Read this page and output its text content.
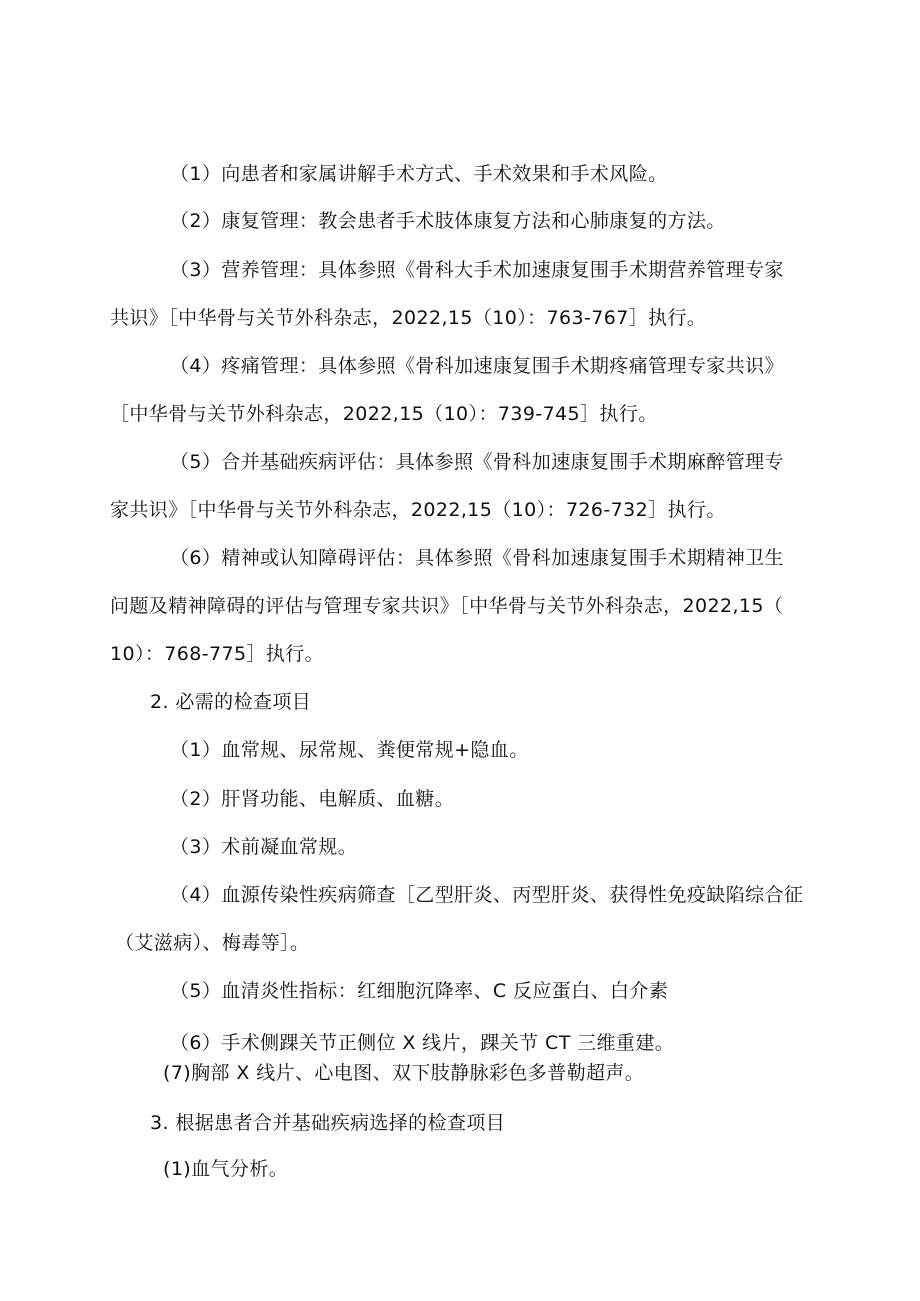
（1）向患者和家属讲解手术方式、手术效果和手术风险。
（2）康复管理：教会患者手术肢体康复方法和心肺康复的方法。
（3）营养管理：具体参照《骨科大手术加速康复围手术期营养管理专家
共识》［中华骨与关节外科杂志，2022,15（10）：763-767］执行。
（4）疼痛管理：具体参照《骨科加速康复围手术期疼痛管理专家共识》
［中华骨与关节外科杂志，2022,15（10）：739-745］执行。
（5）合并基础疾病评估：具体参照《骨科加速康复围手术期麻醉管理专
家共识》［中华骨与关节外科杂志，2022,15（10）：726-732］执行。
（6）精神或认知障碍评估：具体参照《骨科加速康复围手术期精神卫生
问题及精神障碍的评估与管理专家共识》［中华骨与关节外科杂志，2022,15（
10）：768-775］执行。
2. 必需的检查项目
（1）血常规、尿常规、粪便常规+隐血。
（2）肝肾功能、电解质、血糖。
（3）术前凝血常规。
（4）血源传染性疾病筛查［乙型肝炎、丙型肝炎、获得性免疫缺陷综合征
（艾滋病）、梅毒等］。
（5）血清炎性指标：红细胞沉降率、C 反应蛋白、白介素
（6）手术侧踝关节正侧位 X 线片，踝关节 CT 三维重建。
(7)胸部 X 线片、心电图、双下肢静脉彩色多普勒超声。
3. 根据患者合并基础疾病选择的检查项目
(1)血气分析。
